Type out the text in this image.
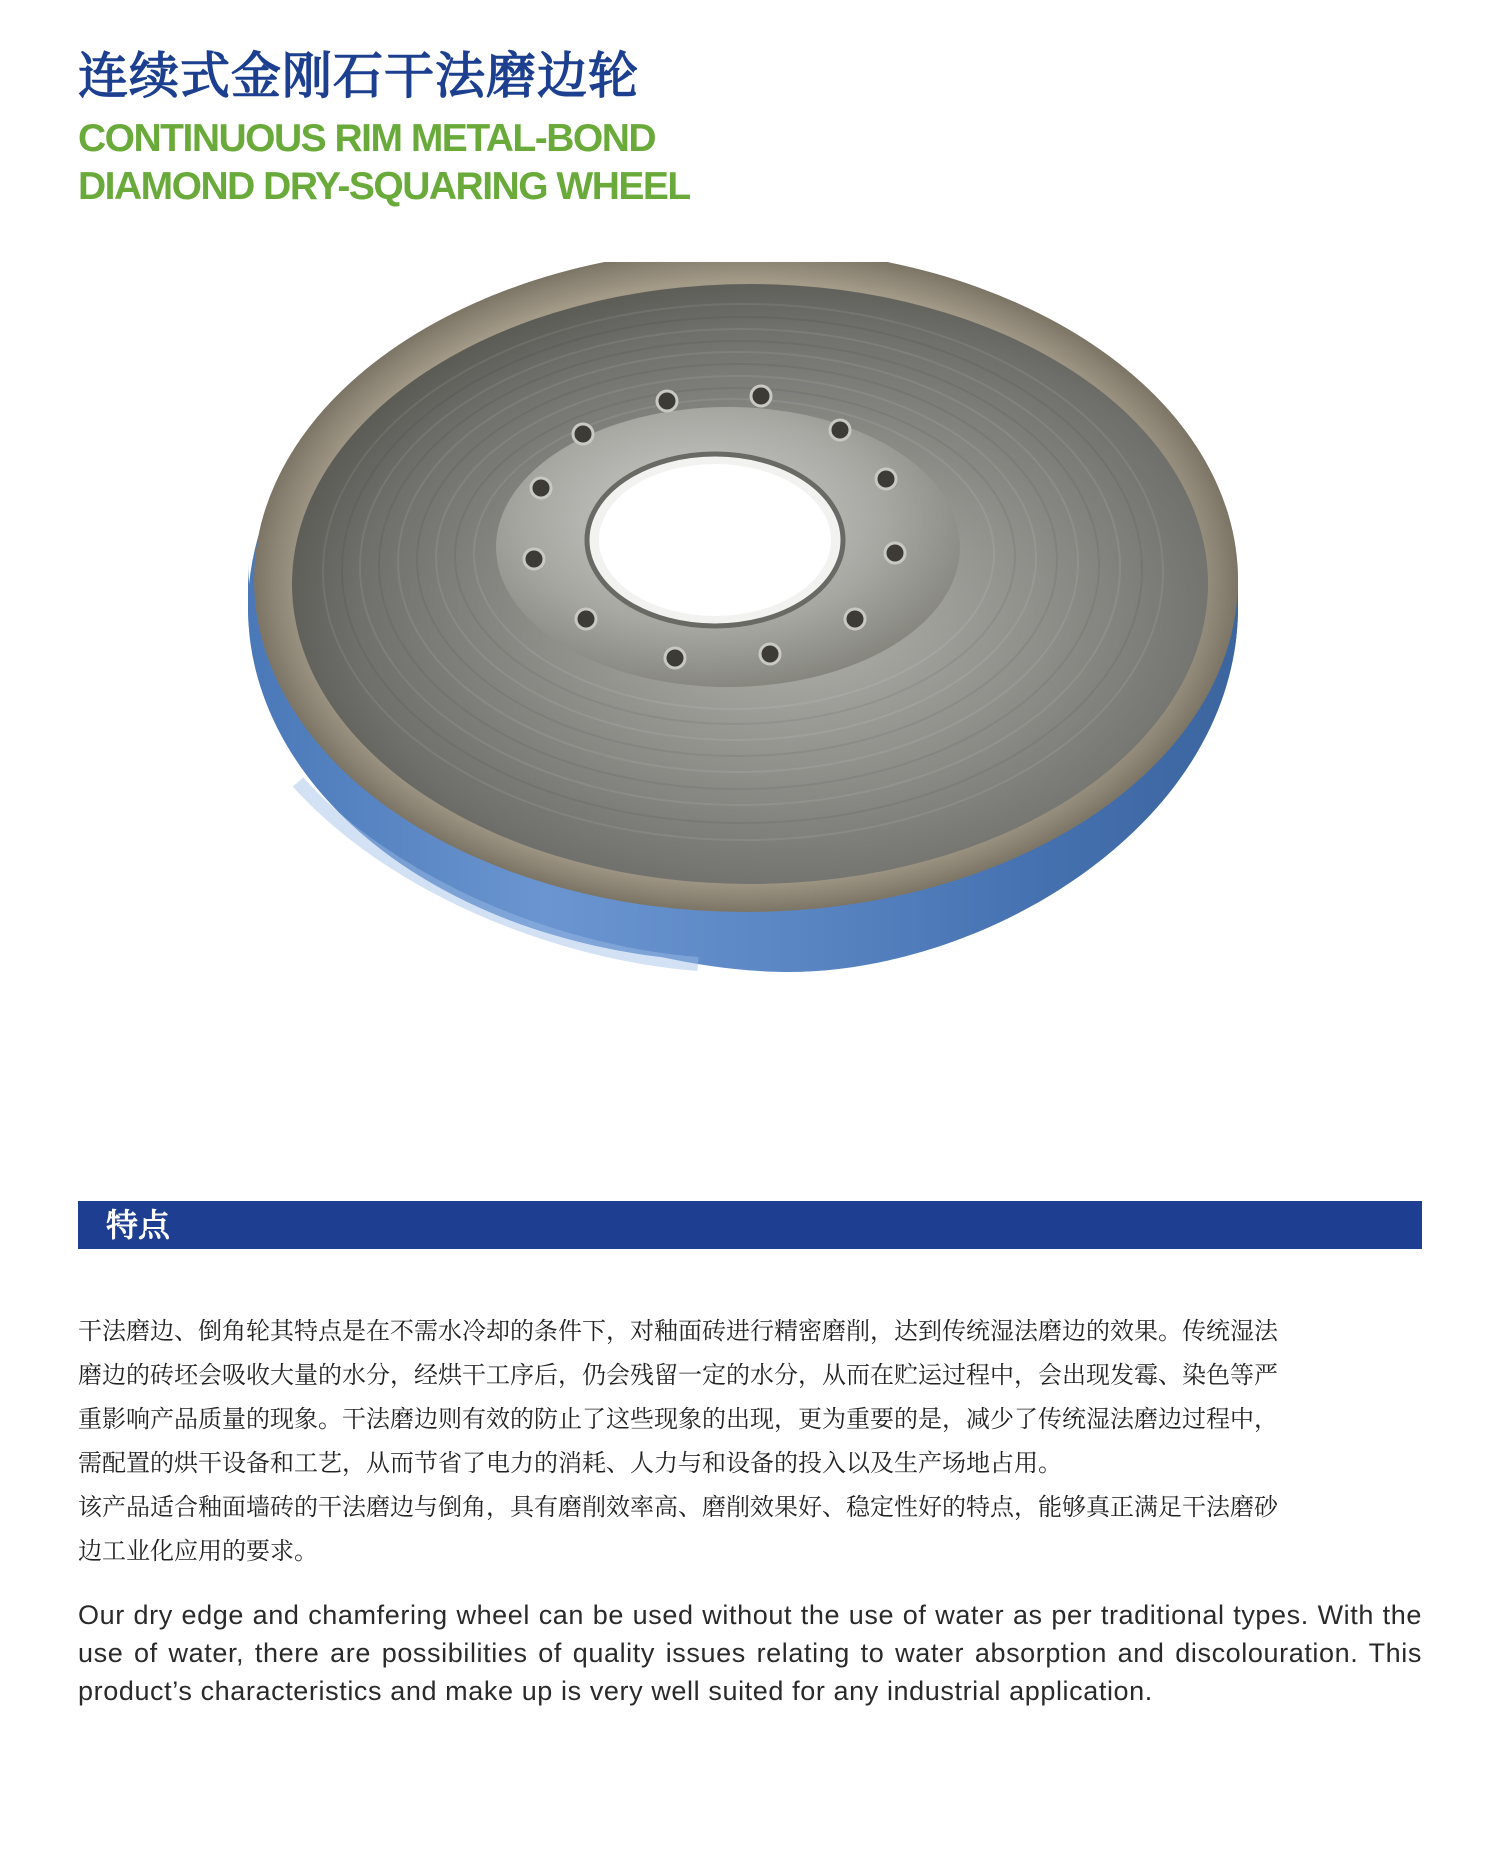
连续式金刚石干法磨边轮
CONTINUOUS RIM METAL-BOND
DIAMOND DRY-SQUARING WHEEL
特点
干法磨边、倒角轮其特点是在不需水冷却的条件下，对釉面砖进行精密磨削，达到传统湿法磨边的效果。传统湿法
磨边的砖坯会吸收大量的水分，经烘干工序后，仍会残留一定的水分，从而在贮运过程中，会出现发霉、染色等严
重影响产品质量的现象。干法磨边则有效的防止了这些现象的出现，更为重要的是，减少了传统湿法磨边过程中，
需配置的烘干设备和工艺，从而节省了电力的消耗、人力与和设备的投入以及生产场地占用。
该产品适合釉面墙砖的干法磨边与倒角，具有磨削效率高、磨削效果好、稳定性好的特点，能够真正满足干法磨砂
边工业化应用的要求。

Our dry edge and chamfering wheel can be used without the use of water as per traditional types. With the use of water, there are possibilities of quality issues relating to water absorption and discolouration. This product’s characteristics and make up is very well suited for any industrial application.
